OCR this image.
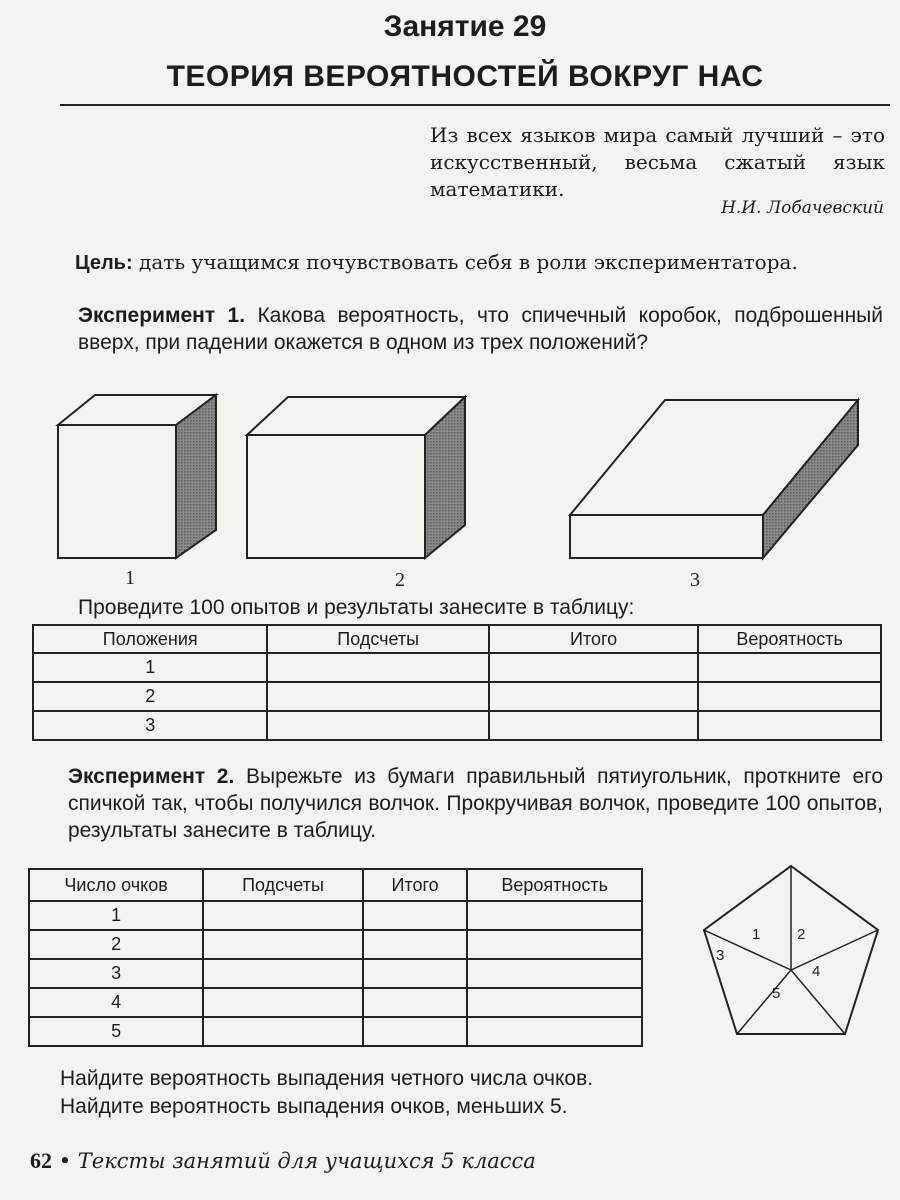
Занятие 29
ТЕОРИЯ ВЕРОЯТНОСТЕЙ ВОКРУГ НАС
Из всех языков мира самый лучший – это искусственный, весьма сжатый язык математики.
Н.И. Лобачевский
Цель: дать учащимся почувствовать себя в роли экспериментатора.
Эксперимент 1. Какова вероятность, что спичечный коробок, подброшенный вверх, при падении окажется в одном из трех положений?
1	2	3
Проведите 100 опытов и результаты занесите в таблицу:
Положения	Подсчеты	Итого	Вероятность
1			
2			
3			
Эксперимент 2. Вырежьте из бумаги правильный пятиугольник, проткните его спичкой так, чтобы получился волчок. Прокручивая волчок, проведите 100 опытов, результаты занесите в таблицу.
Число очков	Подсчеты	Итого	Вероятность
1			
2			
3			
4			
5			
1 2
3
4
5
Найдите вероятность выпадения четного числа очков.
Найдите вероятность выпадения очков, меньших 5.
62 • Тексты занятий для учащихся 5 класса
